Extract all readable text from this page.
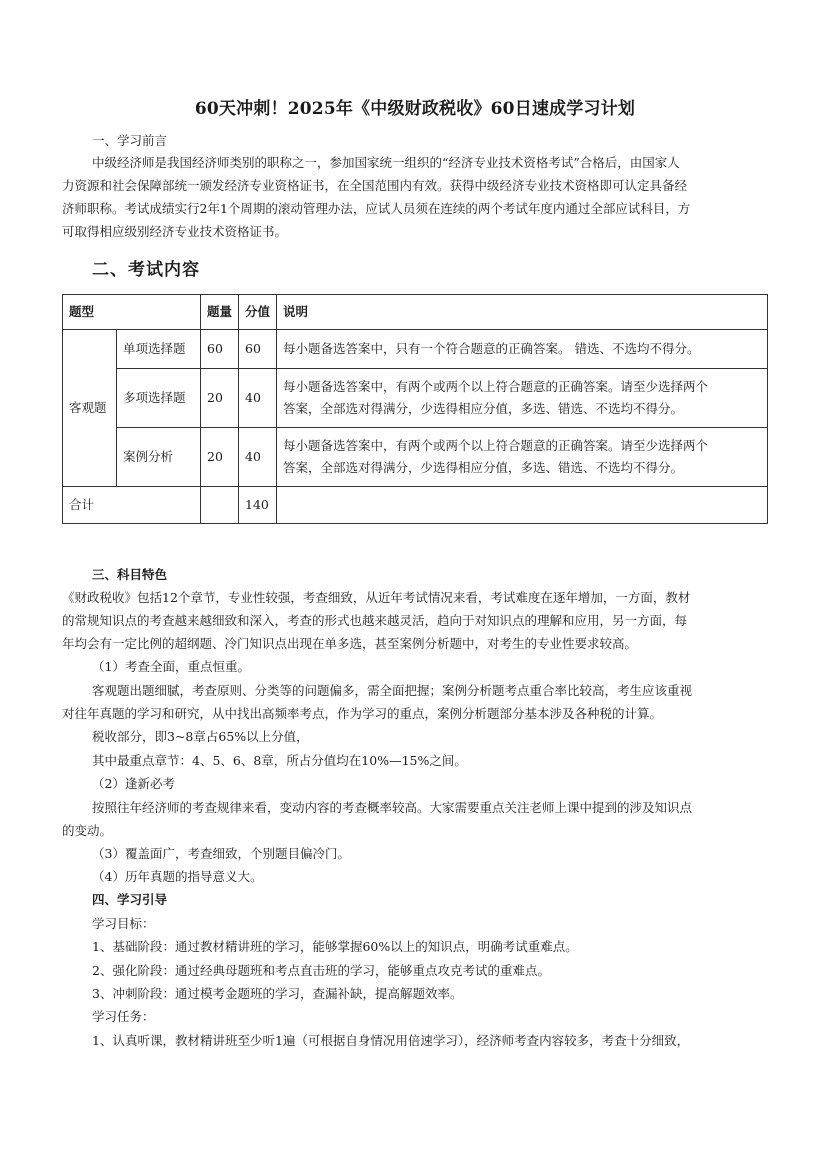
60天冲刺！2025年《中级财政税收》60日速成学习计划
一、学习前言
中级经济师是我国经济师类别的职称之一，参加国家统一组织的“经济专业技术资格考试”合格后，由国家人
力资源和社会保障部统一颁发经济专业资格证书，在全国范围内有效。获得中级经济专业技术资格即可认定具备经
济师职称。考试成绩实行2年1个周期的滚动管理办法，应试人员须在连续的两个考试年度内通过全部应试科目，方
可取得相应级别经济专业技术资格证书。
二、考试内容
题型		题量	分值	说明
客观题	单项选择题	60	60	每小题备选答案中，只有一个符合题意的正确答案。 错选、不选均不得分。
	多项选择题	20	40	每小题备选答案中，有两个或两个以上符合题意的正确答案。请至少选择两个
答案，全部选对得满分，少选得相应分值，多选、错选、不选均不得分。

	案例分析	20	40	每小题备选答案中，有两个或两个以上符合题意的正确答案。请至少选择两个
答案，全部选对得满分，少选得相应分值，多选、错选、不选均不得分。

合计			140	
三、科目特色
《财政税收》包括12个章节，专业性较强，考查细致，从近年考试情况来看，考试难度在逐年增加，一方面，教材
的常规知识点的考查越来越细致和深入，考查的形式也越来越灵活，趋向于对知识点的理解和应用，另一方面，每
年均会有一定比例的超纲题、冷门知识点出现在单多选，甚至案例分析题中，对考生的专业性要求较高。
（1）考查全面，重点恒重。
客观题出题细腻，考查原则、分类等的问题偏多，需全面把握；案例分析题考点重合率比较高，考生应该重视
对往年真题的学习和研究，从中找出高频率考点，作为学习的重点，案例分析题部分基本涉及各种税的计算。
税收部分，即3~8章占65%以上分值，
其中最重点章节：4、5、6、8章，所占分值均在10%—15%之间。
（2）逢新必考
按照往年经济师的考查规律来看，变动内容的考查概率较高。大家需要重点关注老师上课中提到的涉及知识点
的变动。
（3）覆盖面广，考查细致，个别题目偏冷门。
（4）历年真题的指导意义大。
四、学习引导
学习目标：
1、基础阶段：通过教材精讲班的学习，能够掌握60%以上的知识点，明确考试重难点。
2、强化阶段：通过经典母题班和考点直击班的学习，能够重点攻克考试的重难点。
3、冲刺阶段：通过模考金题班的学习，查漏补缺，提高解题效率。
学习任务：
1、认真听课，教材精讲班至少听1遍（可根据自身情况用倍速学习），经济师考查内容较多，考查十分细致，
